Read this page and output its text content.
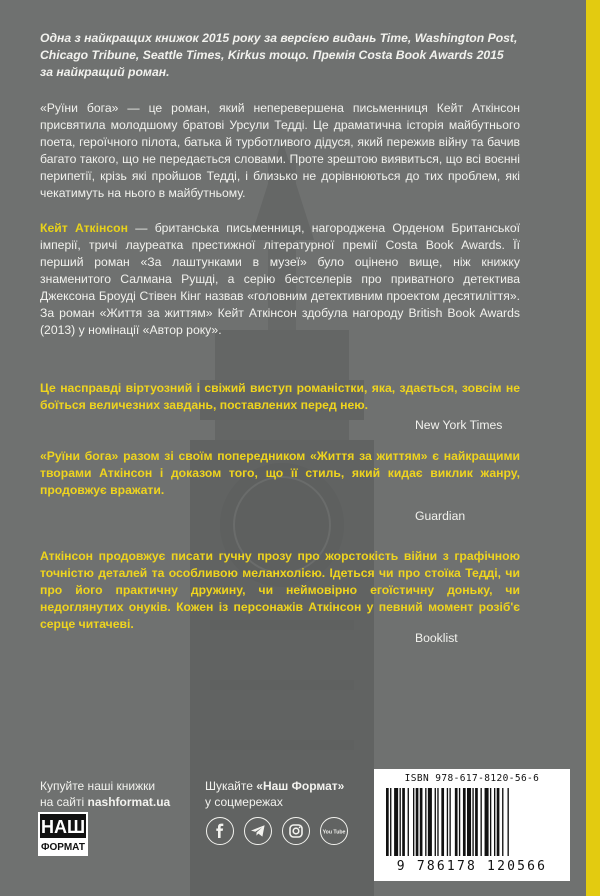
Одна з найкращих книжок 2015 року за версією видань Time, Washington Post, Chicago Tribune, Seattle Times, Kirkus тощо. Премія Costa Book Awards 2015 за найкращий роман.

«Руїни бога» — це роман, який неперевершена письменниця Кейт Аткінсон присвятила молодшому братові Урсули Тедді. Це драматична історія майбутнього поета, героїчного пілота, батька й турботливого дідуся, який пережив війну та бачив багато такого, що не передається словами. Проте зрештою виявиться, що всі воєнні перипетії, крізь які пройшов Тедді, і близько не дорівнюються до тих проблем, які чекатимуть на нього в майбутньому.

Кейт Аткінсон — британська письменниця, нагороджена Орденом Британської імперії, тричі лауреатка престижної літературної премії Costa Book Awards. Її перший роман «За лаштунками в музеї» було оцінено вище, ніж книжку знаменитого Салмана Рушді, а серію бестселерів про приватного детектива Джексона Броуді Стівен Кінг назвав «головним детективним проектом десятиліття». За роман «Життя за життям» Кейт Аткінсон здобула нагороду British Book Awards (2013) у номінації «Автор року».

Це насправді віртуозний і свіжий виступ романістки, яка, здається, зовсім не боїться величезних завдань, поставлених перед нею.

New York Times

«Руїни бога» разом зі своїм попередником «Життя за життям» є найкращими творами Аткінсон і доказом того, що її стиль, який кидає виклик жанру, продовжує вражати.

Guardian

Аткінсон продовжує писати гучну прозу про жорстокість війни з графічною точністю деталей та особливою меланхолією. Ідеться чи про стоїка Тедді, чи про його практичну дружину, чи неймовірно егоїстичну доньку, чи недоглянутих онуків. Кожен із персонажів Аткінсон у певний момент розіб'є серце читачеві.

Booklist
Купуйте наші книжки
на сайті nashformat.ua
НАШ
ФОРМАТ
Шукайте «Наш Формат»
у соцмережах
You Tube
ISBN 978-617-8120-56-6
9 786178 120566
